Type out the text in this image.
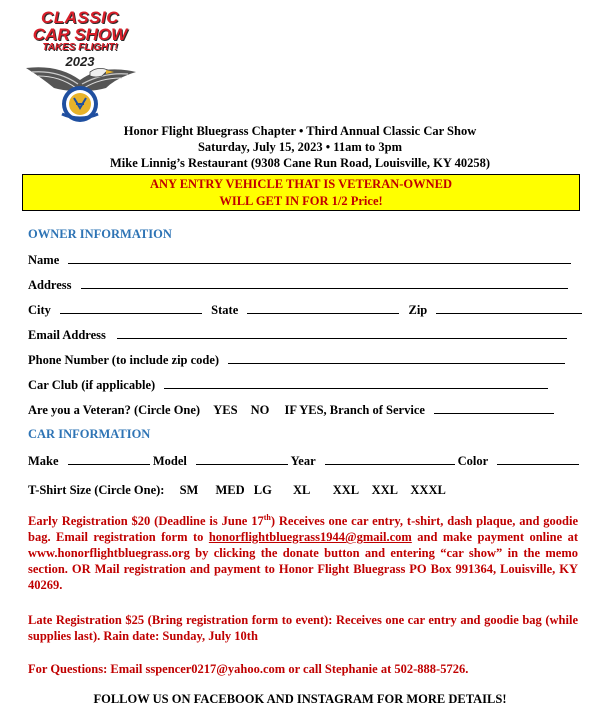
CLASSIC
CAR SHOW
TAKES FLIGHT!
2023
Honor Flight Bluegrass Chapter • Third Annual Classic Car Show
Saturday, July 15, 2023 • 11am to 3pm
Mike Linnig’s Restaurant (9308 Cane Run Road, Louisville, KY 40258)
ANY ENTRY VEHICLE THAT IS VETERAN-OWNED
WILL GET IN FOR 1/2 Price!
OWNER INFORMATION
Name
Address
City	State	Zip
Email Address
Phone Number (to include zip code)
Car Club (if applicable)
Are you a Veteran? (Circle One) YES NO IF YES, Branch of Service
CAR INFORMATION
Make	Model	Year	Color
T-Shirt Size (Circle One): SM MED LG XL XXL XXL XXXL
Early Registration $20 (Deadline is June 17th) Receives one car entry, t-shirt, dash plaque, and goodie bag. Email registration form to honorflightbluegrass1944@gmail.com and make payment online at www.honorflightbluegrass.org by clicking the donate button and entering “car show” in the memo section. OR Mail registration and payment to Honor Flight Bluegrass PO Box 991364, Louisville, KY 40269.
Late Registration $25 (Bring registration form to event): Receives one car entry and goodie bag (while supplies last). Rain date: Sunday, July 10th
For Questions: Email sspencer0217@yahoo.com or call Stephanie at 502-888-5726.
FOLLOW US ON FACEBOOK AND INSTAGRAM FOR MORE DETAILS!
